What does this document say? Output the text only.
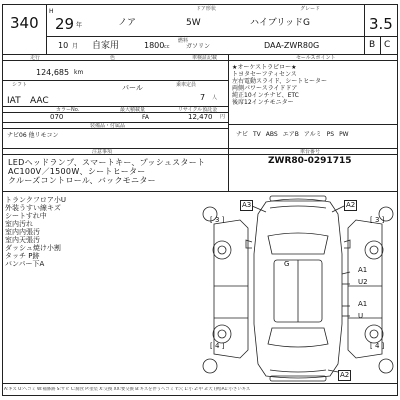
340
H
29 年	ノア
ドア形状
5W
グレード
ハイブリッドG	3.5
10 月 自家用	1800 cc
燃料
ガソリン	DAA-ZWR80G	B C
走行	色	車検証記載
124,685 km
シフト	パール
IAT AAC
乗車定員
7 人
カラーNo.	最大積載量	リサイクル預託金
070	FA	12,470 円
装備品・付属品
ナビ06 他リモコン
セールスポイント
★オーケストラピロー★
トヨタセーフティセンス
左右電動スライド、シートヒーター
両側パワースライドドア
純正10インチナビ、ETC
後席12インチモニター
ナビ TV ABS エアB アルミ PS PW
注意事項
LEDヘッドランプ、スマートキー、プッシュスタート
AC100V／1500W、シートヒーター
クルーズコントロール、バックモニター
車台番号
ZWR80-0291715
トランクフロア小U
外装うすい線キズ
シートすれ中
室内汚れ
室内内張汚
室内天張汚
ダッシュ焼け小割
タッチ P跡
バンパー下A
A3	A2
G
A1
U2
A1
U
A2
[ 4 ]	[ 4 ]
[ 3 ]	[ 3 ]
A:キズ U:ヘコミ W:補修跡 S:サビ C:腐食 P:塗装 X:交換 XX:要交換 B:キズを伴うヘコミ Y:穴 1:小 2:中 3:大 (例)A1:小さいキズ
